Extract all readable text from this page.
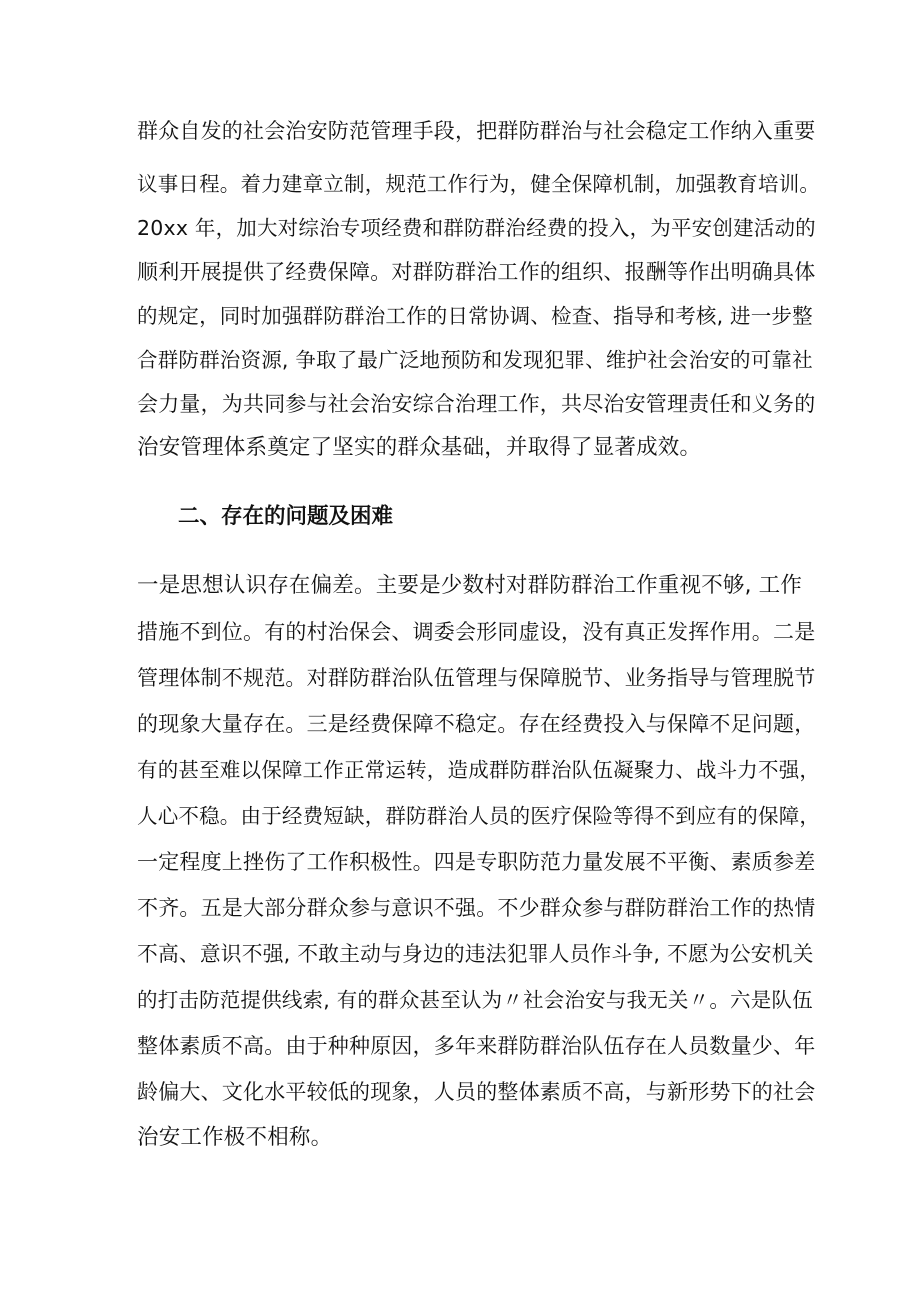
群众自发的社会治安防范管理手段，把群防群治与社会稳定工作纳入重要
议事日程。着力建章立制，规范工作行为，健全保障机制，加强教育培训。
20xx 年，加大对综治专项经费和群防群治经费的投入，为平安创建活动的
顺利开展提供了经费保障。对群防群治工作的组织、报酬等作出明确具体
的规定，同时加强群防群治工作的日常协调、检查、指导和考核, 进一步整
合群防群治资源, 争取了最广泛地预防和发现犯罪、维护社会治安的可靠社
会力量，为共同参与社会治安综合治理工作，共尽治安管理责任和义务的
治安管理体系奠定了坚实的群众基础，并取得了显著成效。
二、存在的问题及困难
一是思想认识存在偏差。主要是少数村对群防群治工作重视不够, 工作
措施不到位。有的村治保会、调委会形同虚设，没有真正发挥作用。二是
管理体制不规范。对群防群治队伍管理与保障脱节、业务指导与管理脱节
的现象大量存在。三是经费保障不稳定。存在经费投入与保障不足问题，
有的甚至难以保障工作正常运转，造成群防群治队伍凝聚力、战斗力不强，
人心不稳。由于经费短缺，群防群治人员的医疗保险等得不到应有的保障，
一定程度上挫伤了工作积极性。四是专职防范力量发展不平衡、素质参差
不齐。五是大部分群众参与意识不强。不少群众参与群防群治工作的热情
不高、意识不强, 不敢主动与身边的违法犯罪人员作斗争, 不愿为公安机关
的打击防范提供线索, 有的群众甚至认为〃社会治安与我无关〃。六是队伍
整体素质不高。由于种种原因，多年来群防群治队伍存在人员数量少、年
龄偏大、文化水平较低的现象，人员的整体素质不高，与新形势下的社会
治安工作极不相称。
